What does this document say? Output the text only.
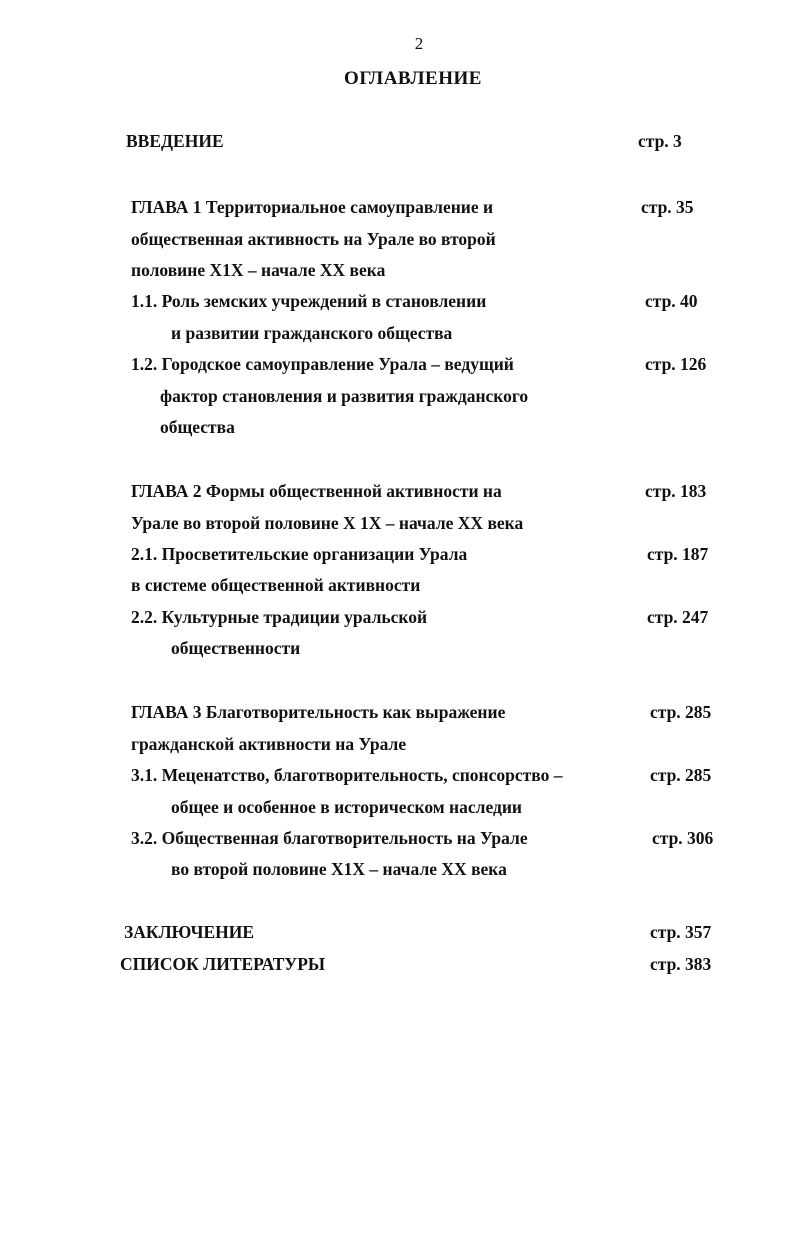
2
ОГЛАВЛЕНИЕ
ВВЕДЕНИЕ	стр. 3
ГЛАВА 1 Территориальное самоуправление и	стр. 35
общественная активность на Урале во второй
половине Х1Х – начале ХХ века
1.1. Роль земских учреждений в становлении	стр. 40
и развитии гражданского общества
1.2. Городское самоуправление Урала – ведущий	стр. 126
фактор становления и развития гражданского
общества
ГЛАВА 2 Формы общественной активности на	стр. 183
Урале во второй половине Х 1Х – начале ХХ века
2.1. Просветительские организации Урала	стр. 187
в системе общественной активности
2.2. Культурные традиции уральской	стр. 247
общественности
ГЛАВА 3 Благотворительность как выражение	стр. 285
гражданской активности на Урале
3.1. Меценатство, благотворительность, спонсорство –	стр. 285
общее и особенное в историческом наследии
3.2. Общественная благотворительность на Урале	стр. 306
во второй половине Х1Х – начале ХХ века
ЗАКЛЮЧЕНИЕ	стр. 357
СПИСОК ЛИТЕРАТУРЫ	стр. 383
